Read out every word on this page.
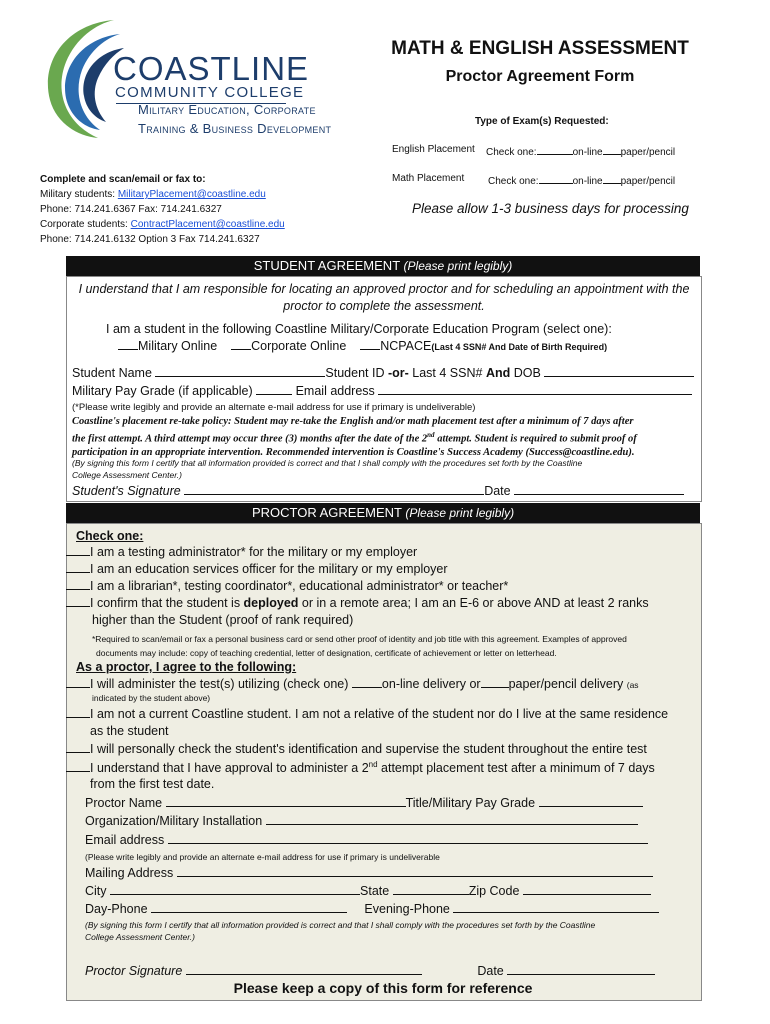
COASTLINE
COMMUNITY COLLEGE
Military Education, Corporate
Training & Business Development
MATH & ENGLISH ASSESSMENT
Proctor Agreement Form
Type of Exam(s) Requested:
English Placement Check one:	on-line paper/pencil
Math Placement Check one:	on-line paper/pencil
Please allow 1-3 business days for processing
Complete and scan/email or fax to:
Military students: MilitaryPlacement@coastline.edu
Phone: 714.241.6367 Fax: 714.241.6327
Corporate students: ContractPlacement@coastline.edu
Phone: 714.241.6132 Option 3 Fax 714.241.6327
STUDENT AGREEMENT (Please print legibly)
I understand that I am responsible for locating an approved proctor and for scheduling an appointment with the
proctor to complete the assessment.
I am a student in the following Coastline Military/Corporate Education Program (select one):
Military Online	Corporate Online	NCPACE(Last 4 SSN# And Date of Birth Required)
Student Name	Student ID -or- Last 4 SSN# And DOB
Military Pay Grade (if applicable)	Email address
(*Please write legibly and provide an alternate e-mail address for use if primary is undeliverable)
Coastline's placement re-take policy: Student may re-take the English and/or math placement test after a minimum of 7 days after
the first attempt. A third attempt may occur three (3) months after the date of the 2nd attempt. Student is required to submit proof of
participation in an appropriate intervention. Recommended intervention is Coastline's Success Academy (Success@coastline.edu).
(By signing this form I certify that all information provided is correct and that I shall comply with the procedures set forth by the Coastline
College Assessment Center.)
Student's Signature	Date
PROCTOR AGREEMENT (Please print legibly)
Check one:
I am a testing administrator* for the military or my employer
I am an education services officer for the military or my employer
I am a librarian*, testing coordinator*, educational administrator* or teacher*
I confirm that the student is deployed or in a remote area; I am an E-6 or above AND at least 2 ranks
higher than the Student (proof of rank required)
*Required to scan/email or fax a personal business card or send other proof of identity and job title with this agreement. Examples of approved
documents may include: copy of teaching credential, letter of designation, certificate of achievement or letter on letterhead.
As a proctor, I agree to the following:
I will administer the test(s) utilizing (check one)	on-line delivery or paper/pencil delivery (as
indicated by the student above)
I am not a current Coastline student. I am not a relative of the student nor do I live at the same residence
as the student
I will personally check the student's identification and supervise the student throughout the entire test
I understand that I have approval to administer a 2nd attempt placement test after a minimum of 7 days
from the first test date.
Proctor Name	Title/Military Pay Grade
Organization/Military Installation
Email address
(Please write legibly and provide an alternate e-mail address for use if primary is undeliverable
Mailing Address
City	State	Zip Code
Day-Phone	Evening-Phone
(By signing this form I certify that all information provided is correct and that I shall comply with the procedures set forth by the Coastline
College Assessment Center.)
Proctor Signature	Date
Please keep a copy of this form for reference
